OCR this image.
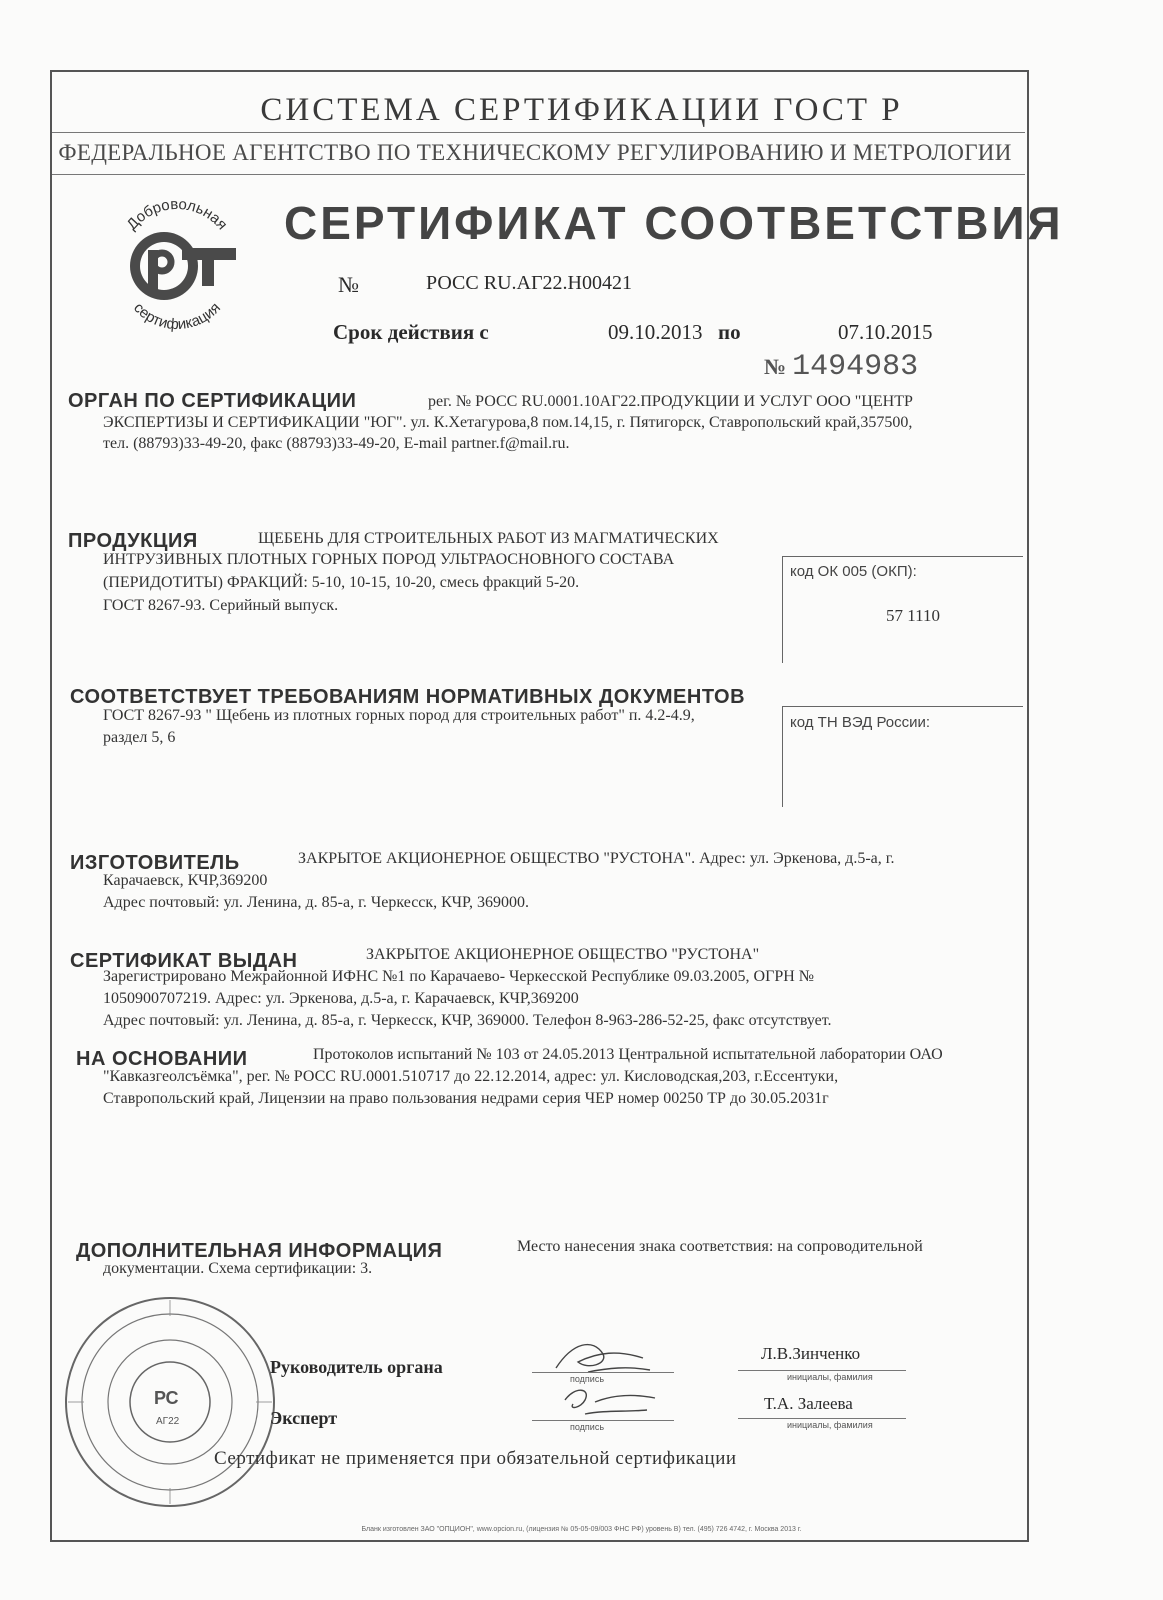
СИСТЕМА СЕРТИФИКАЦИИ ГОСТ Р
ФЕДЕРАЛЬНОЕ АГЕНТСТВО ПО ТЕХНИЧЕСКОМУ РЕГУЛИРОВАНИЮ И МЕТРОЛОГИИ
Добровольная
сертификация
СЕРТИФИКАТ СООТВЕТСТВИЯ
№	РОСС RU.АГ22.Н00421
Срок действия с	09.10.2013 по	07.10.2015
№ 1494983
ОРГАН ПО СЕРТИФИКАЦИИ	рег. № РОСС RU.0001.10АГ22.ПРОДУКЦИИ И УСЛУГ ООО "ЦЕНТР
ЭКСПЕРТИЗЫ И СЕРТИФИКАЦИИ "ЮГ". ул. К.Хетагурова,8 пом.14,15, г. Пятигорск, Ставропольский край,357500,
тел. (88793)33-49-20, факс (88793)33-49-20, E-mail partner.f@mail.ru.
ПРОДУКЦИЯ	ЩЕБЕНЬ ДЛЯ СТРОИТЕЛЬНЫХ РАБОТ ИЗ МАГМАТИЧЕСКИХ
ИНТРУЗИВНЫХ ПЛОТНЫХ ГОРНЫХ ПОРОД УЛЬТРАОСНОВНОГО СОСТАВА
(ПЕРИДОТИТЫ) ФРАКЦИЙ: 5-10, 10-15, 10-20, смесь фракций 5-20.
ГОСТ 8267-93. Серийный выпуск.
код ОК 005 (ОКП):
57 1110
СООТВЕТСТВУЕТ ТРЕБОВАНИЯМ НОРМАТИВНЫХ ДОКУМЕНТОВ
ГОСТ 8267-93 " Щебень из плотных горных пород для строительных работ" п. 4.2-4.9,
раздел 5, 6
код ТН ВЭД России:
ИЗГОТОВИТЕЛЬ	ЗАКРЫТОЕ АКЦИОНЕРНОЕ ОБЩЕСТВО "РУСТОНА". Адрес: ул. Эркенова, д.5-а, г.
Карачаевск, КЧР,369200
Адрес почтовый: ул. Ленина, д. 85-а, г. Черкесск, КЧР, 369000.
СЕРТИФИКАТ ВЫДАН	ЗАКРЫТОЕ АКЦИОНЕРНОЕ ОБЩЕСТВО "РУСТОНА"
Зарегистрировано Межрайонной ИФНС №1 по Карачаево- Черкесской Республике 09.03.2005, ОГРН №
1050900707219. Адрес: ул. Эркенова, д.5-а, г. Карачаевск, КЧР,369200
Адрес почтовый: ул. Ленина, д. 85-а, г. Черкесск, КЧР, 369000. Телефон 8-963-286-52-25, факс отсутствует.
НА ОСНОВАНИИ	Протоколов испытаний № 103 от 24.05.2013 Центральной испытательной лаборатории ОАО
"Кавказгеолсъёмка", рег. № РОСС RU.0001.510717 до 22.12.2014, адрес: ул. Кисловодская,203, г.Ессентуки,
Ставропольский край, Лицензии на право пользования недрами серия ЧЕР номер 00250 ТР до 30.05.2031г
ДОПОЛНИТЕЛЬНАЯ ИНФОРМАЦИЯ	Место нанесения знака соответствия: на сопроводительной
документации. Схема сертификации: 3.
РС
АГ22
Руководитель органа
подпись
Л.В.Зинченко
инициалы, фамилия
Эксперт	подпись
Т.А. Залеева
инициалы, фамилия
Сертификат не применяется при обязательной сертификации
Бланк изготовлен ЗАО "ОПЦИОН", www.opcion.ru, (лицензия № 05-05-09/003 ФНС РФ) уровень В) тел. (495) 726 4742, г. Москва 2013 г.
